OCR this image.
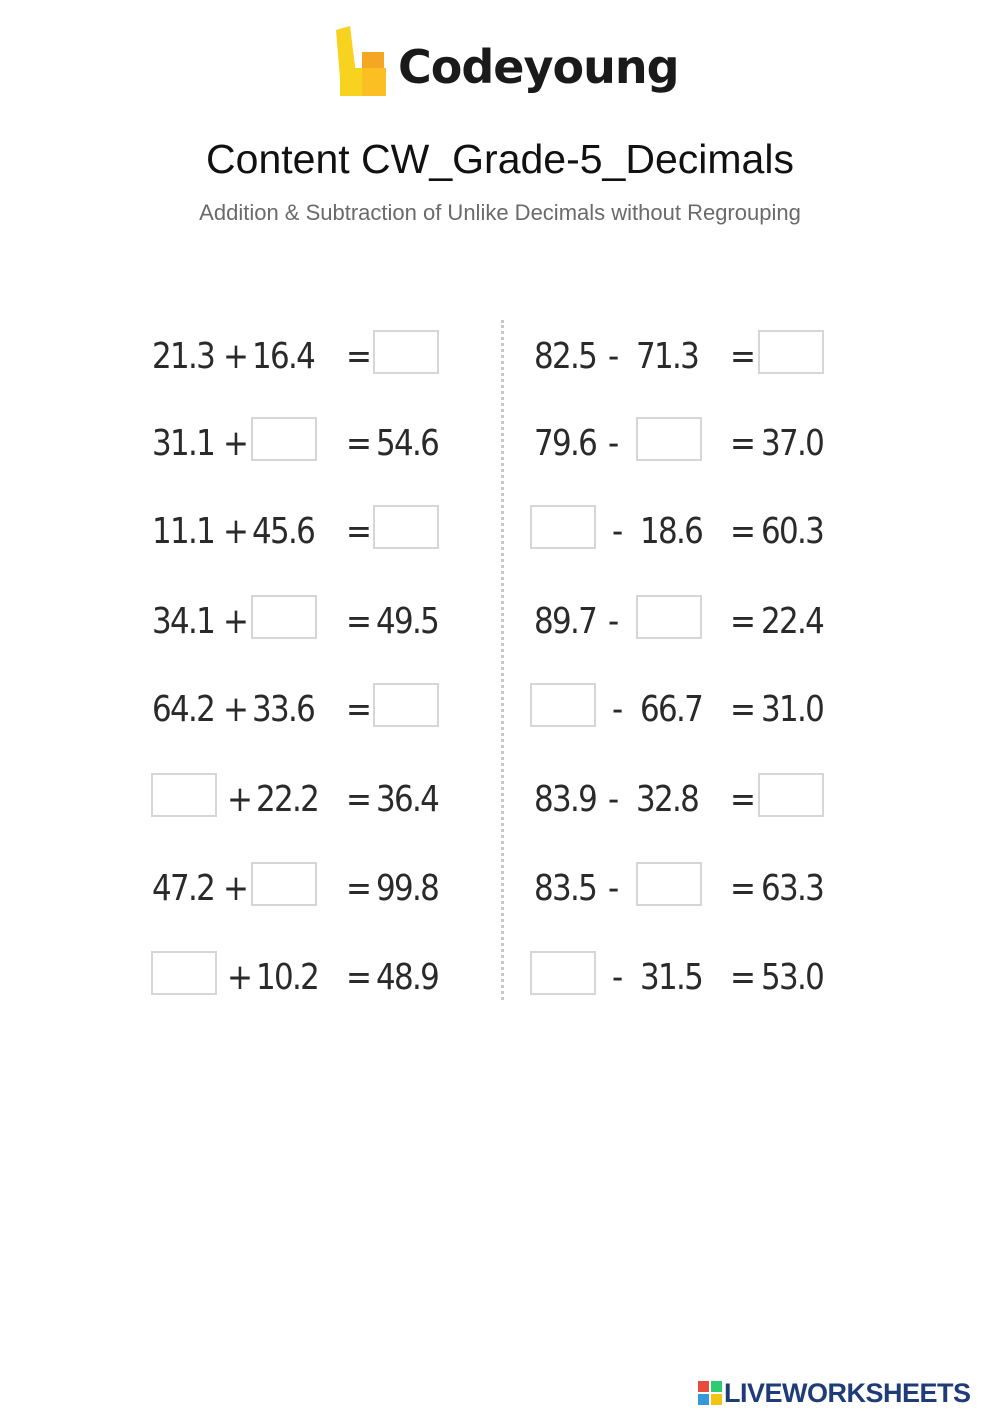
Codeyoung
Content CW_Grade-5_Decimals
Addition & Subtraction of Unlike Decimals without Regrouping
21.3 + 16.4 =
31.1 +	= 54.6
11.1 + 45.6 =
34.1 +	= 49.5
64.2 + 33.6 =
+ 22.2 = 36.4
47.2 +	= 99.8
+ 10.2 = 48.9
82.5 - 71.3 =
79.6 -	= 37.0
- 18.6 = 60.3
89.7 -	= 22.4
- 66.7 = 31.0
83.9 - 32.8 =
83.5 -	= 63.3
- 31.5 = 53.0
LIVEWORKSHEETS
